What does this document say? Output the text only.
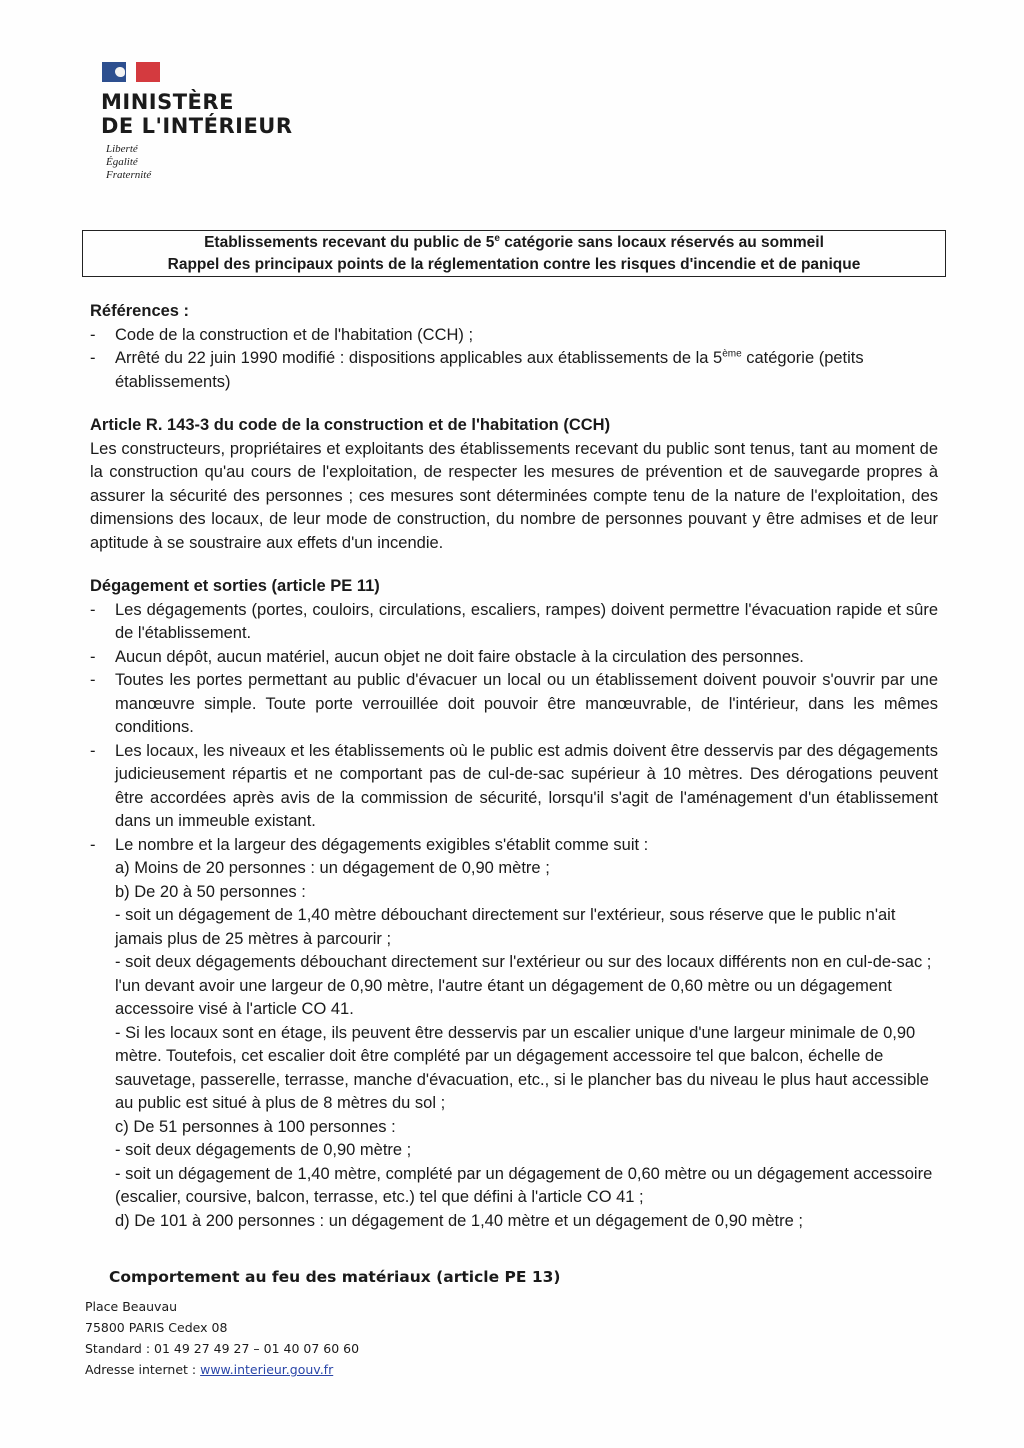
MINISTÈRE
DE L'INTÉRIEUR
Liberté
Égalité
Fraternité
Etablissements recevant du public de 5e catégorie sans locaux réservés au sommeil
Rappel des principaux points de la réglementation contre les risques d'incendie et de panique
Références :
-	Code de la construction et de l'habitation (CCH) ;
-	Arrêté du 22 juin 1990 modifié : dispositions applicables aux établissements de la 5ème catégorie (petits établissements)
Article R. 143-3 du code de la construction et de l'habitation (CCH)
Les constructeurs, propriétaires et exploitants des établissements recevant du public sont tenus, tant au moment de la construction qu'au cours de l'exploitation, de respecter les mesures de prévention et de sauvegarde propres à assurer la sécurité des personnes ; ces mesures sont déterminées compte tenu de la nature de l'exploitation, des dimensions des locaux, de leur mode de construction, du nombre de personnes pouvant y être admises et de leur aptitude à se soustraire aux effets d'un incendie.
Dégagement et sorties (article PE 11)
-	Les dégagements (portes, couloirs, circulations, escaliers, rampes) doivent permettre l'évacuation rapide et sûre de l'établissement.
-	Aucun dépôt, aucun matériel, aucun objet ne doit faire obstacle à la circulation des personnes.
-	Toutes les portes permettant au public d'évacuer un local ou un établissement doivent pouvoir s'ouvrir par une manœuvre simple. Toute porte verrouillée doit pouvoir être manœuvrable, de l'intérieur, dans les mêmes conditions.
-	Les locaux, les niveaux et les établissements où le public est admis doivent être desservis par des dégagements judicieusement répartis et ne comportant pas de cul-de-sac supérieur à 10 mètres. Des dérogations peuvent être accordées après avis de la commission de sécurité, lorsqu'il s'agit de l'aménagement d'un établissement dans un immeuble existant.
-	Le nombre et la largeur des dégagements exigibles s'établit comme suit :
a) Moins de 20 personnes : un dégagement de 0,90 mètre ;
b) De 20 à 50 personnes :
- soit un dégagement de 1,40 mètre débouchant directement sur l'extérieur, sous réserve que le public n'ait jamais plus de 25 mètres à parcourir ;
- soit deux dégagements débouchant directement sur l'extérieur ou sur des locaux différents non en cul-de-sac ; l'un devant avoir une largeur de 0,90 mètre, l'autre étant un dégagement de 0,60 mètre ou un dégagement accessoire visé à l'article CO 41.
- Si les locaux sont en étage, ils peuvent être desservis par un escalier unique d'une largeur minimale de 0,90 mètre. Toutefois, cet escalier doit être complété par un dégagement accessoire tel que balcon, échelle de sauvetage, passerelle, terrasse, manche d'évacuation, etc., si le plancher bas du niveau le plus haut accessible au public est situé à plus de 8 mètres du sol ;
c) De 51 personnes à 100 personnes :
- soit deux dégagements de 0,90 mètre ;
- soit un dégagement de 1,40 mètre, complété par un dégagement de 0,60 mètre ou un dégagement accessoire (escalier, coursive, balcon, terrasse, etc.) tel que défini à l'article CO 41 ;
d) De 101 à 200 personnes : un dégagement de 1,40 mètre et un dégagement de 0,90 mètre ;
Comportement au feu des matériaux (article PE 13)
Place Beauvau
75800 PARIS Cedex 08
Standard : 01 49 27 49 27 – 01 40 07 60 60
Adresse internet : www.interieur.gouv.fr
